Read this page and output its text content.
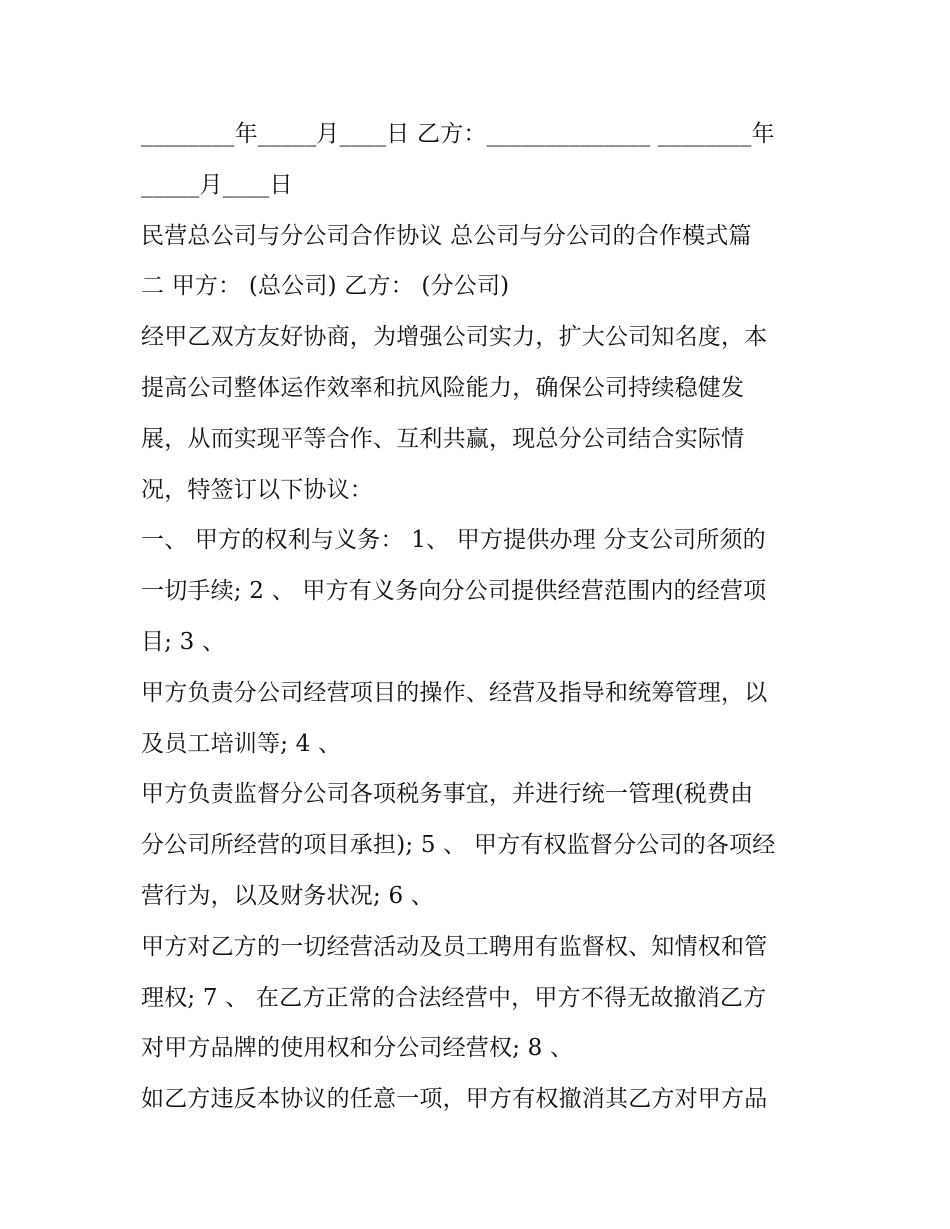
________年_____月____日 乙方：______________ ________年
_____月____日
民营总公司与分公司合作协议 总公司与分公司的合作模式篇
二 甲方： (总公司) 乙方： (分公司)
经甲乙双方友好协商，为增强公司实力，扩大公司知名度，本
提高公司整体运作效率和抗风险能力，确保公司持续稳健发
展，从而实现平等合作、互利共赢，现总分公司结合实际情
况，特签订以下协议：
一、 甲方的权利与义务： 1、 甲方提供办理 分支公司所须的
一切手续; 2 、 甲方有义务向分公司提供经营范围内的经营项
目; 3 、
甲方负责分公司经营项目的操作、经营及指导和统筹管理，以
及员工培训等; 4 、
甲方负责监督分公司各项税务事宜，并进行统一管理(税费由
分公司所经营的项目承担); 5 、 甲方有权监督分公司的各项经
营行为，以及财务状况; 6 、
甲方对乙方的一切经营活动及员工聘用有监督权、知情权和管
理权; 7 、 在乙方正常的合法经营中，甲方不得无故撤消乙方
对甲方品牌的使用权和分公司经营权; 8 、
如乙方违反本协议的任意一项，甲方有权撤消其乙方对甲方品
